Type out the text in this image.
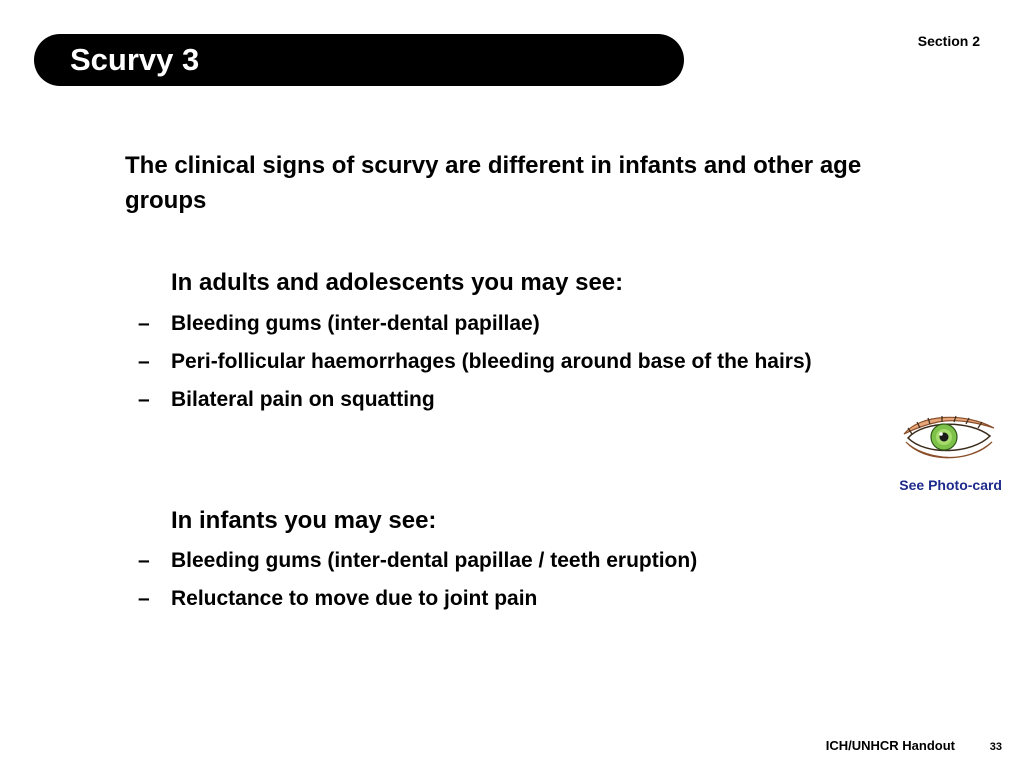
Scurvy 3
Section 2
The clinical signs of scurvy are different in infants and other age groups
In adults and adolescents you may see:
–	Bleeding gums (inter-dental papillae)
–	Peri-follicular haemorrhages (bleeding around base of the hairs)
–	Bilateral pain on squatting
In infants you may see:
–	Bleeding gums (inter-dental papillae / teeth eruption)
–	Reluctance to move due to joint pain
See Photo-card
ICH/UNHCR Handout	33
